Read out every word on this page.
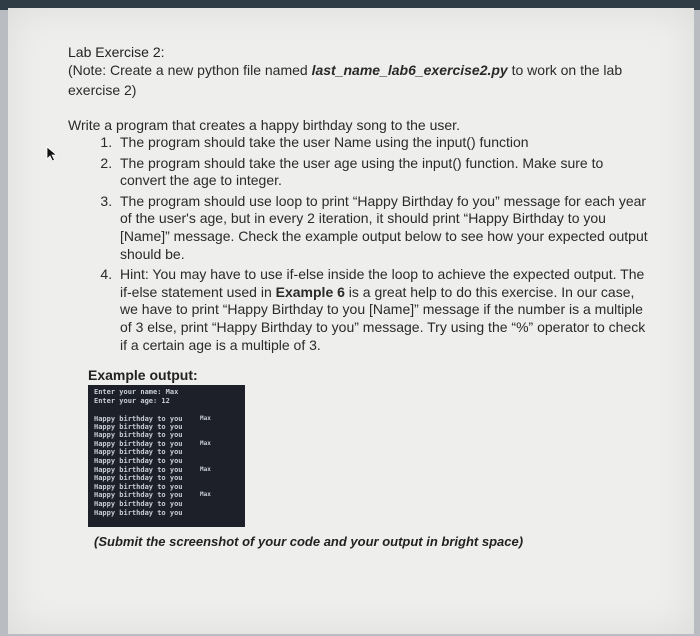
Lab Exercise 2:
(Note: Create a new python file named last_name_lab6_exercise2.py to work on the lab exercise 2)
Write a program that creates a happy birthday song to the user.
1. The program should take the user Name using the input() function
2. The program should take the user age using the input() function. Make sure to convert the age to integer.
3. The program should use loop to print “Happy Birthday fo you” message for each year of the user's age, but in every 2 iteration, it should print “Happy Birthday to you [Name]” message. Check the example output below to see how your expected output should be.
4. Hint: You may have to use if-else inside the loop to achieve the expected output. The if-else statement used in Example 6 is a great help to do this exercise. In our case, we have to print “Happy Birthday to you [Name]” message if the number is a multiple of 3 else, print “Happy Birthday to you” message. Try using the “%” operator to check if a certain age is a multiple of 3.
Example output:
Enter your name: Max
Enter your age: 12
Happy birthday to you	Max
Happy birthday to you
Happy birthday to you
Happy birthday to you	Max
Happy birthday to you
Happy birthday to you
Happy birthday to you	Max
Happy birthday to you
Happy birthday to you
Happy birthday to you	Max
Happy birthday to you
Happy birthday to you
(Submit the screenshot of your code and your output in bright space)
